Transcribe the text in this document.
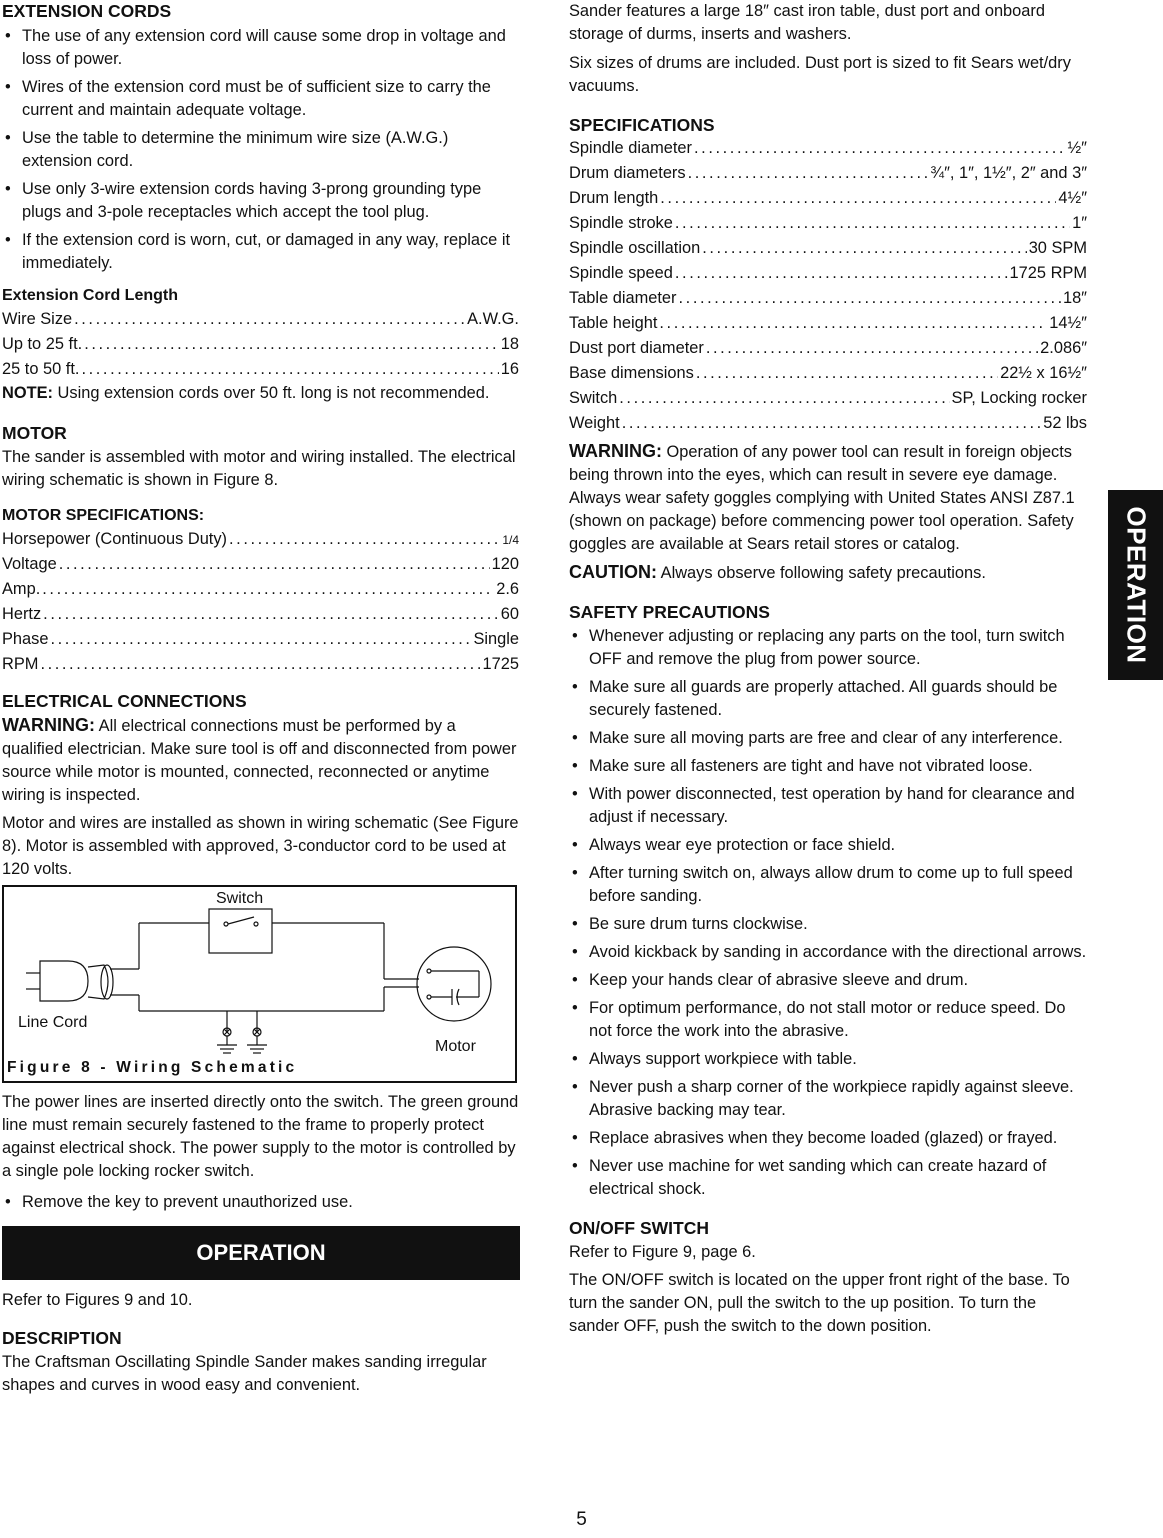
EXTENSION CORDS
• The use of any extension cord will cause some drop in voltage and loss of power.
• Wires of the extension cord must be of sufficient size to carry the current and maintain adequate voltage.
• Use the table to determine the minimum wire size (A.W.G.) extension cord.
• Use only 3-wire extension cords having 3-prong grounding type plugs and 3-pole receptacles which accept the tool plug.
• If the extension cord is worn, cut, or damaged in any way, replace it immediately.
Extension Cord Length
Wire Size .....	A.W.G.
Up to 25 ft. .....	18
25 to 50 ft. .....	16

NOTE: Using extension cords over 50 ft. long is not recommended.

MOTOR

The sander is assembled with motor and wiring installed. The electrical wiring schematic is shown in Figure 8.

MOTOR SPECIFICATIONS:
Horsepower (Continuous Duty) .....	1/4
Voltage .....	120
Amp. .....	2.6
Hertz .....	60
Phase .....	Single
RPM .....	1725
ELECTRICAL CONNECTIONS

WARNING: All electrical connections must be performed by a qualified electrician. Make sure tool is off and disconnected from power source while motor is mounted, connected, reconnected or anytime wiring is inspected.

Motor and wires are installed as shown in wiring schematic (See Figure 8). Motor is assembled with approved, 3-conductor cord to be used at 120 volts.

Switch
Line Cord
Motor
Figure 8 - Wiring Schematic

The power lines are inserted directly onto the switch. The green ground line must remain securely fastened to the frame to properly protect against electrical shock. The power supply to the motor is controlled by a single pole locking rocker switch.

• Remove the key to prevent unauthorized use.
OPERATION

Refer to Figures 9 and 10.

DESCRIPTION

The Craftsman Oscillating Spindle Sander makes sanding irregular shapes and curves in wood easy and convenient.

Sander features a large 18″ cast iron table, dust port and onboard storage of durms, inserts and washers.

Six sizes of drums are included. Dust port is sized to fit Sears wet/dry vacuums.

SPECIFICATIONS
Spindle diameter .....	½″
Drum diameters .....	¾″, 1″, 1½″, 2″ and 3″
Drum length .....	4½″
Spindle stroke .....	1″
Spindle oscillation .....	30 SPM
Spindle speed .....	1725 RPM
Table diameter .....	18″
Table height .....	14½″
Dust port diameter .....	2.086″
Base dimensions .....	22½ x 16½″
Switch .....	SP, Locking rocker
Weight .....	52 lbs

WARNING: Operation of any power tool can result in foreign objects being thrown into the eyes, which can result in severe eye damage. Always wear safety goggles complying with United States ANSI Z87.1 (shown on package) before commencing power tool operation. Safety goggles are available at Sears retail stores or catalog.

CAUTION: Always observe following safety precautions.

SAFETY PRECAUTIONS
• Whenever adjusting or replacing any parts on the tool, turn switch OFF and remove the plug from power source.
• Make sure all guards are properly attached. All guards should be securely fastened.
• Make sure all moving parts are free and clear of any interference.
• Make sure all fasteners are tight and have not vibrated loose.
• With power disconnected, test operation by hand for clearance and adjust if necessary.
• Always wear eye protection or face shield.
• After turning switch on, always allow drum to come up to full speed before sanding.
• Be sure drum turns clockwise.
• Avoid kickback by sanding in accordance with the directional arrows.
• Keep your hands clear of abrasive sleeve and drum.
• For optimum performance, do not stall motor or reduce speed. Do not force the work into the abrasive.
• Always support workpiece with table.
• Never push a sharp corner of the workpiece rapidly against sleeve. Abrasive backing may tear.
• Replace abrasives when they become loaded (glazed) or frayed.
• Never use machine for wet sanding which can create hazard of electrical shock.
ON/OFF SWITCH

Refer to Figure 9, page 6.

The ON/OFF switch is located on the upper front right of the base. To turn the sander ON, pull the switch to the up position. To turn the sander OFF, push the switch to the down position.

OPERATION
5
